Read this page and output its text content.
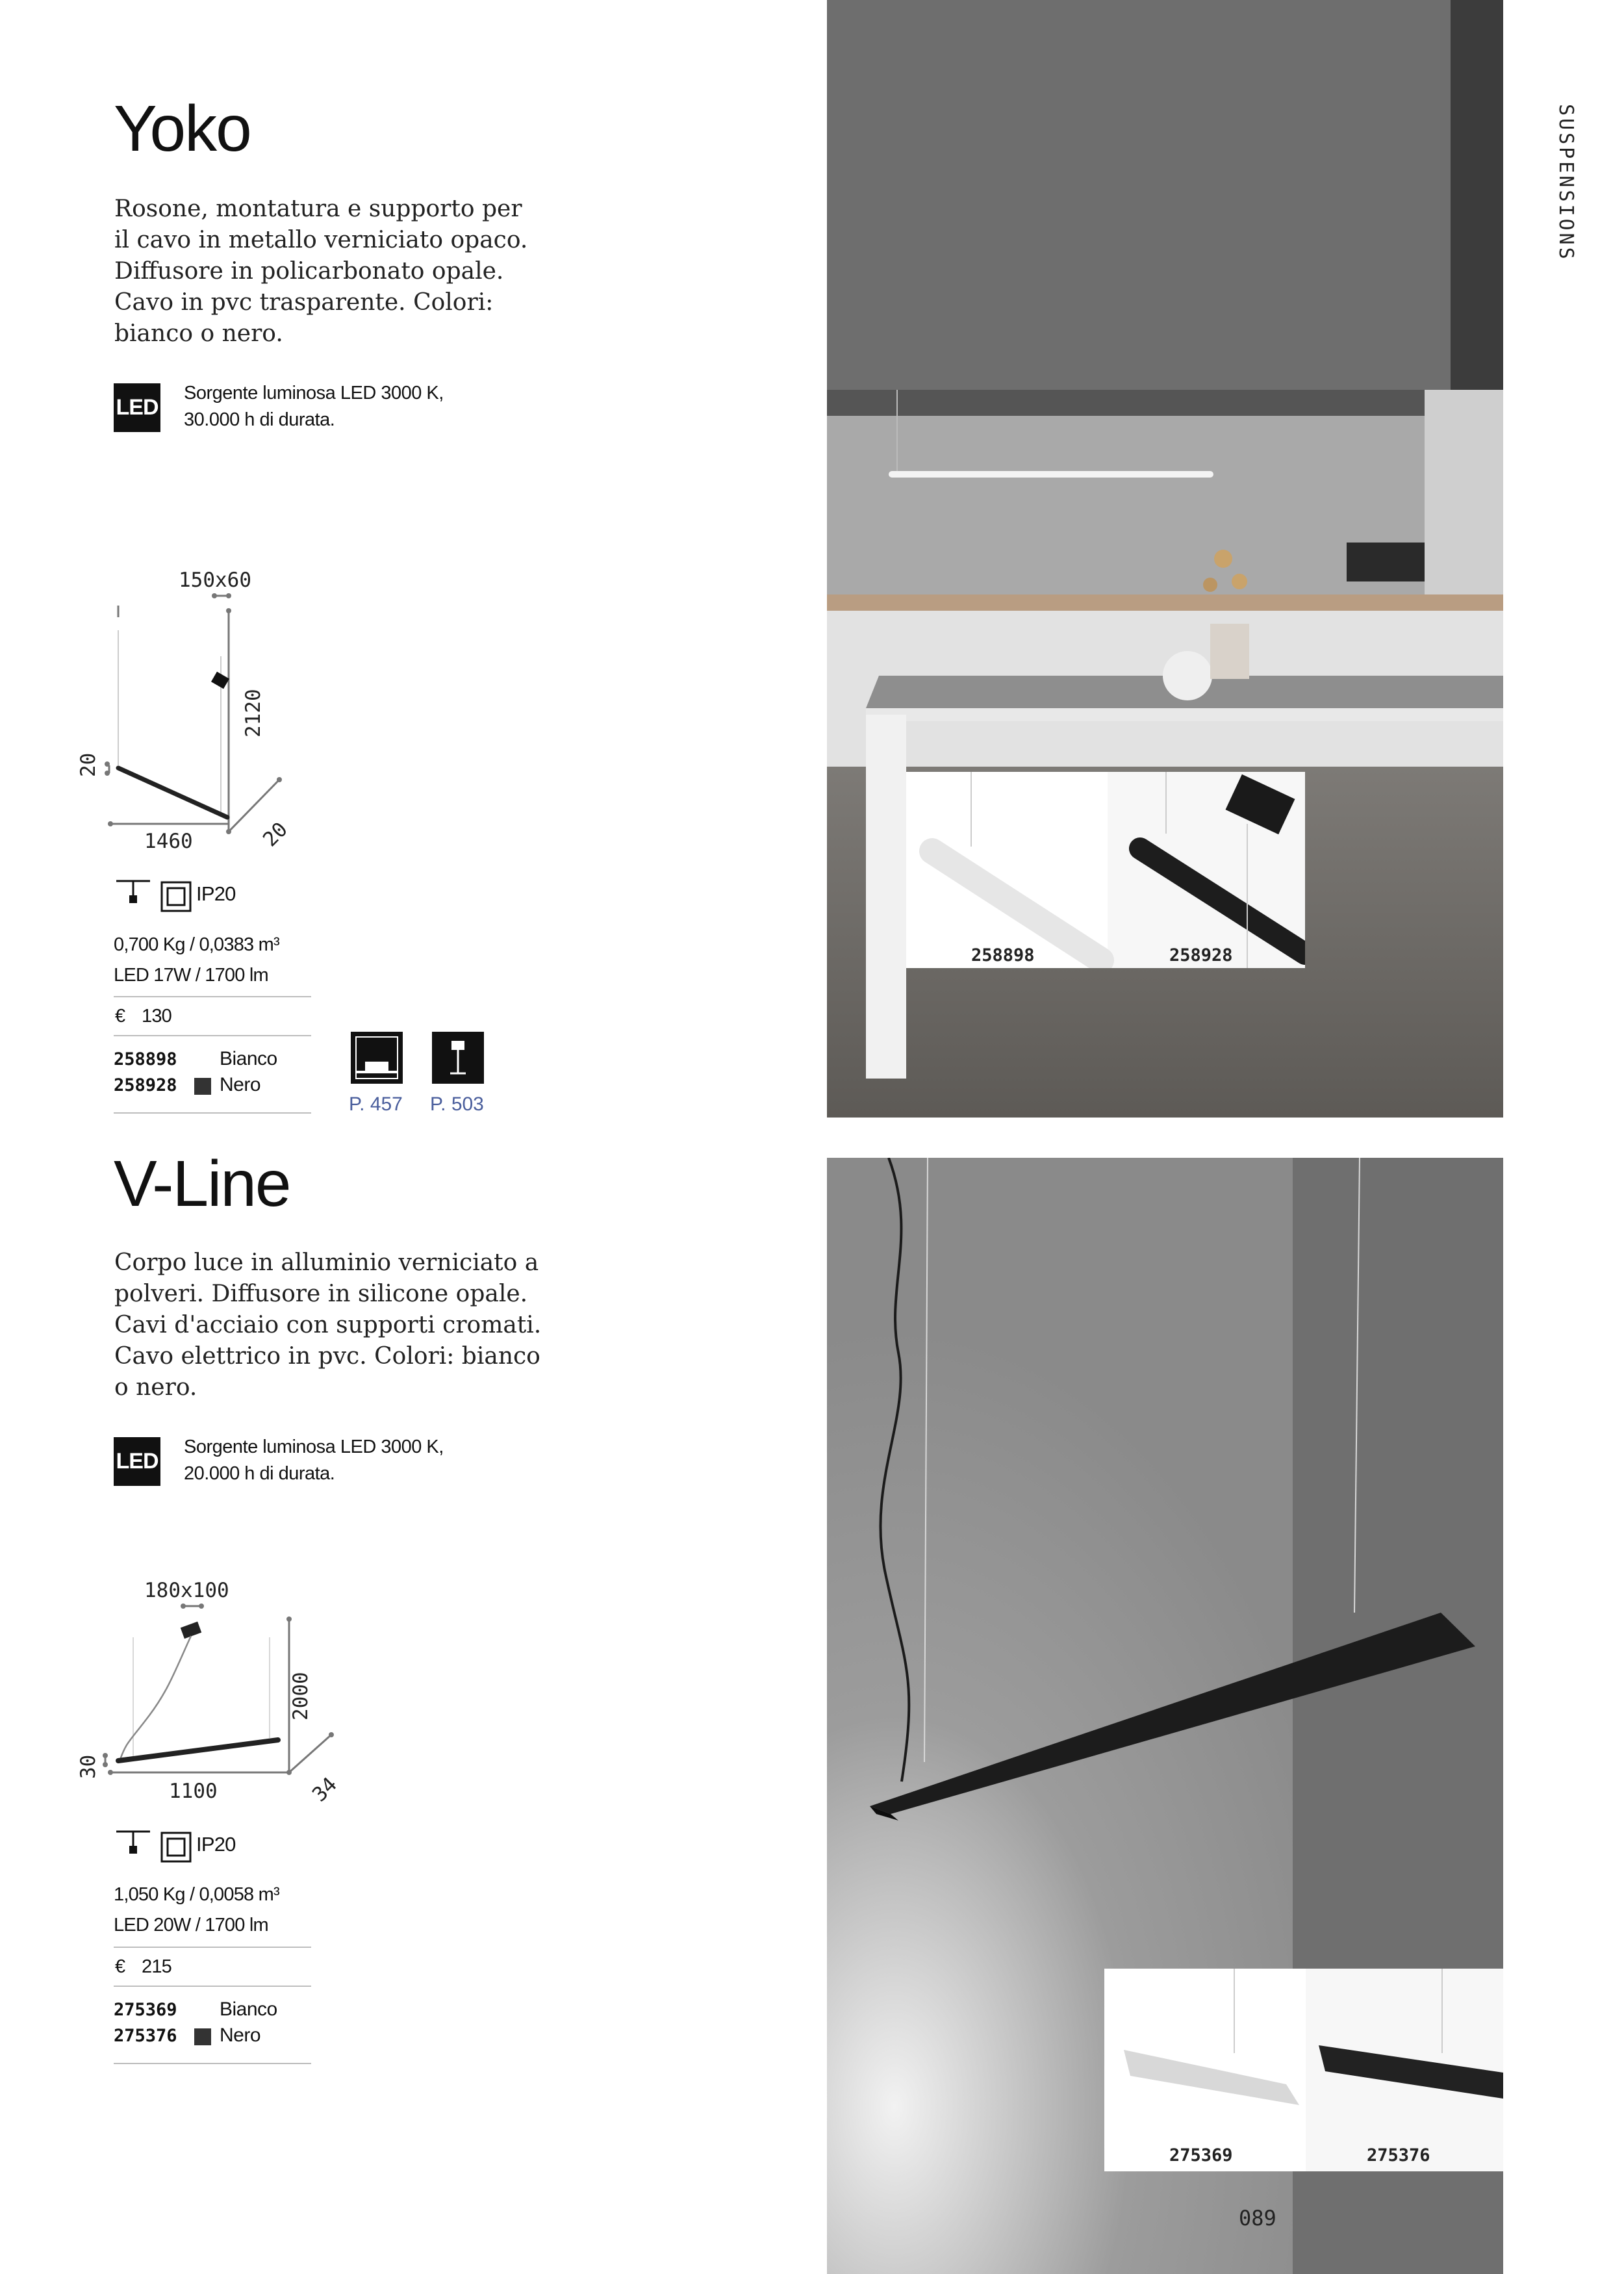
Yoko
Rosone, montatura e supporto per
il cavo in metallo verniciato opaco.
Diffusore in policarbonato opale.
Cavo in pvc trasparente. Colori:
bianco o nero.
LED
Sorgente luminosa LED 3000 K,
30.000 h di durata.
150x60
2120
20
20
1460
IP20
0,700 Kg / 0,0383 m³
LED 17W / 1700 lm
€ 130
258898 Bianco
258928 Nero
P. 457 P. 503
258898	258928
SUSPENSIONS
V-Line
Corpo luce in alluminio verniciato a
polveri. Diffusore in silicone opale.
Cavi d'acciaio con supporti cromati.
Cavo elettrico in pvc. Colori: bianco
o nero.
LED
Sorgente luminosa LED 3000 K,
20.000 h di durata.
180x100
2000
30
34
1100
IP20
1,050 Kg / 0,0058 m³
LED 20W / 1700 lm
€ 215
275369 Bianco
275376 Nero
275369	275376
089
